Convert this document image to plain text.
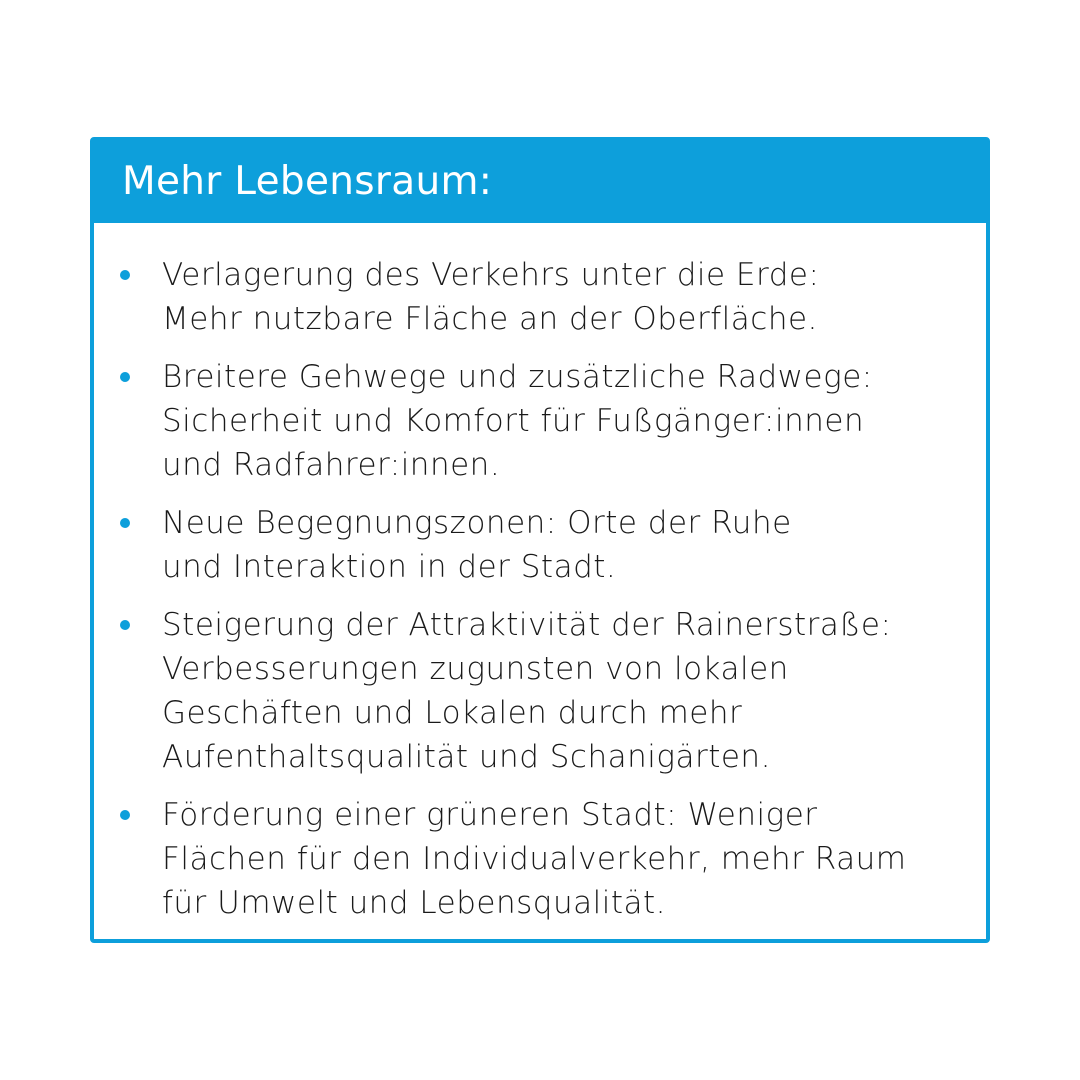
Mehr Lebensraum:
Verlagerung des Verkehrs unter die Erde:
Mehr nutzbare Fläche an der Oberfläche.
Breitere Gehwege und zusätzliche Radwege:
Sicherheit und Komfort für Fußgänger:innen
und Radfahrer:innen.
Neue Begegnungszonen: Orte der Ruhe
und Interaktion in der Stadt.
Steigerung der Attraktivität der Rainerstraße:
Verbesserungen zugunsten von lokalen
Geschäften und Lokalen durch mehr
Aufenthaltsqualität und Schanigärten.
Förderung einer grüneren Stadt: Weniger
Flächen für den Individualverkehr, mehr Raum
für Umwelt und Lebensqualität.
